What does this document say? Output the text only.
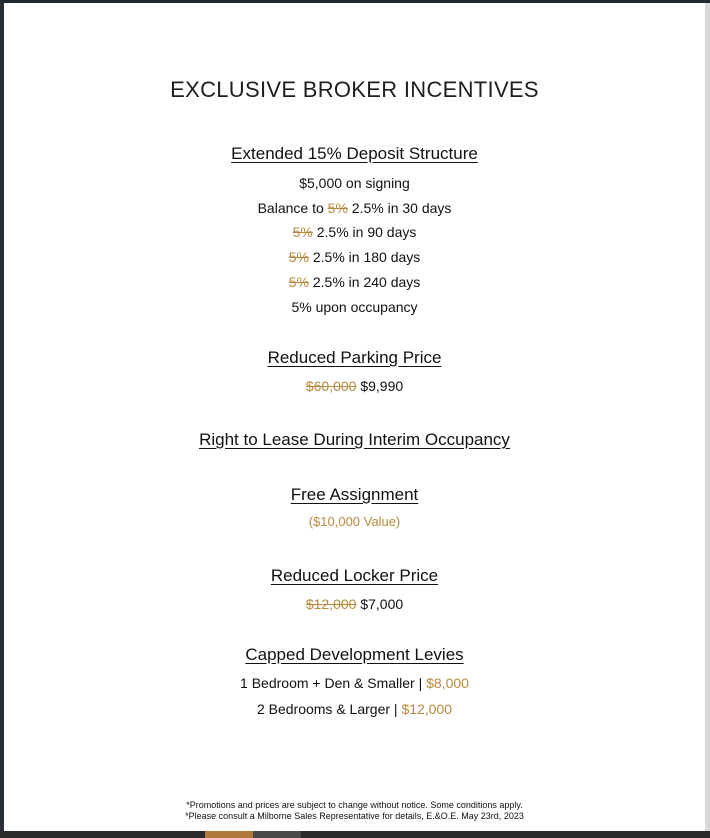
EXCLUSIVE BROKER INCENTIVES
Extended 15% Deposit Structure
$5,000 on signing
Balance to 5% 2.5% in 30 days
5% 2.5% in 90 days
5% 2.5% in 180 days
5% 2.5% in 240 days
5% upon occupancy
Reduced Parking Price
$60,000 $9,990
Right to Lease During Interim Occupancy
Free Assignment
($10,000 Value)
Reduced Locker Price
$12,000 $7,000
Capped Development Levies
1 Bedroom + Den & Smaller | $8,000
2 Bedrooms & Larger | $12,000
*Promotions and prices are subject to change without notice. Some conditions apply.
*Please consult a Milborne Sales Representative for details, E.&O.E. May 23rd, 2023
